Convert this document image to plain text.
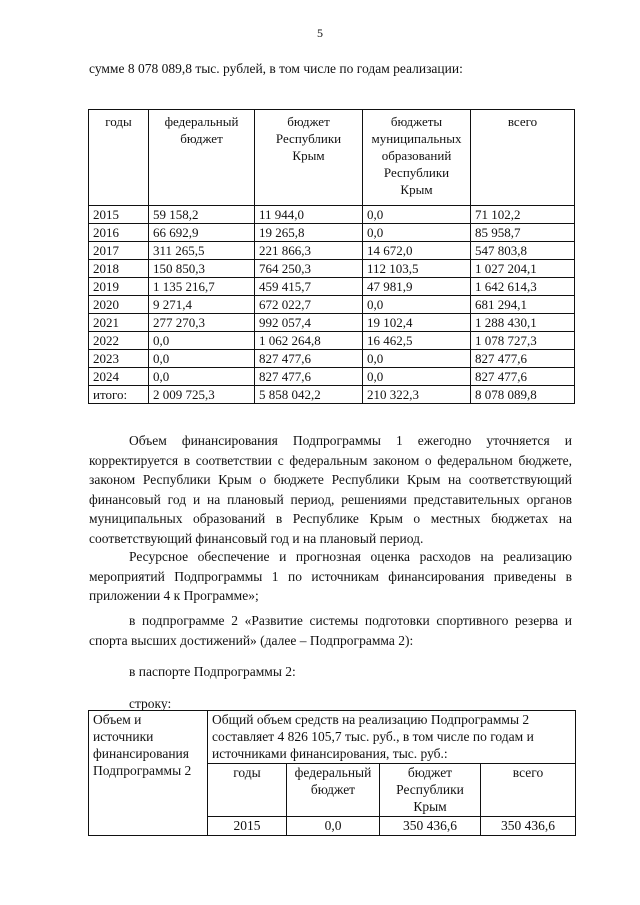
5
сумме 8 078 089,8 тыс. рублей, в том числе по годам реализации:
годы	федеральный бюджет	бюджет Республики Крым	бюджеты муниципальных образований Республики Крым	всего
2015	59 158,2	11 944,0	0,0	71 102,2
2016	66 692,9	19 265,8	0,0	85 958,7
2017	311 265,5	221 866,3	14 672,0	547 803,8
2018	150 850,3	764 250,3	112 103,5	1 027 204,1
2019	1 135 216,7	459 415,7	47 981,9	1 642 614,3
2020	9 271,4	672 022,7	0,0	681 294,1
2021	277 270,3	992 057,4	19 102,4	1 288 430,1
2022	0,0	1 062 264,8	16 462,5	1 078 727,3
2023	0,0	827 477,6	0,0	827 477,6
2024	0,0	827 477,6	0,0	827 477,6
итого:	2 009 725,3	5 858 042,2	210 322,3	8 078 089,8
Объем финансирования Подпрограммы 1 ежегодно уточняется и корректируется в соответствии с федеральным законом о федеральном бюджете, законом Республики Крым о бюджете Республики Крым на соответствующий финансовый год и на плановый период, решениями представительных органов муниципальных образований в Республике Крым о местных бюджетах на соответствующий финансовый год и на плановый период.
Ресурсное обеспечение и прогнозная оценка расходов на реализацию мероприятий Подпрограммы 1 по источникам финансирования приведены в приложении 4 к Программе»;
в подпрограмме 2 «Развитие системы подготовки спортивного резерва и спорта высших достижений» (далее – Подпрограмма 2):
в паспорте Подпрограммы 2:
строку:
Объем и источники финансирования Подпрограммы 2	Общий объем средств на реализацию Подпрограммы 2 составляет 4 826 105,7 тыс. руб., в том числе по годам и источниками финансирования, тыс. руб.:			
	годы	федеральный бюджет	бюджет Республики Крым	всего
	2015	0,0	350 436,6	350 436,6
